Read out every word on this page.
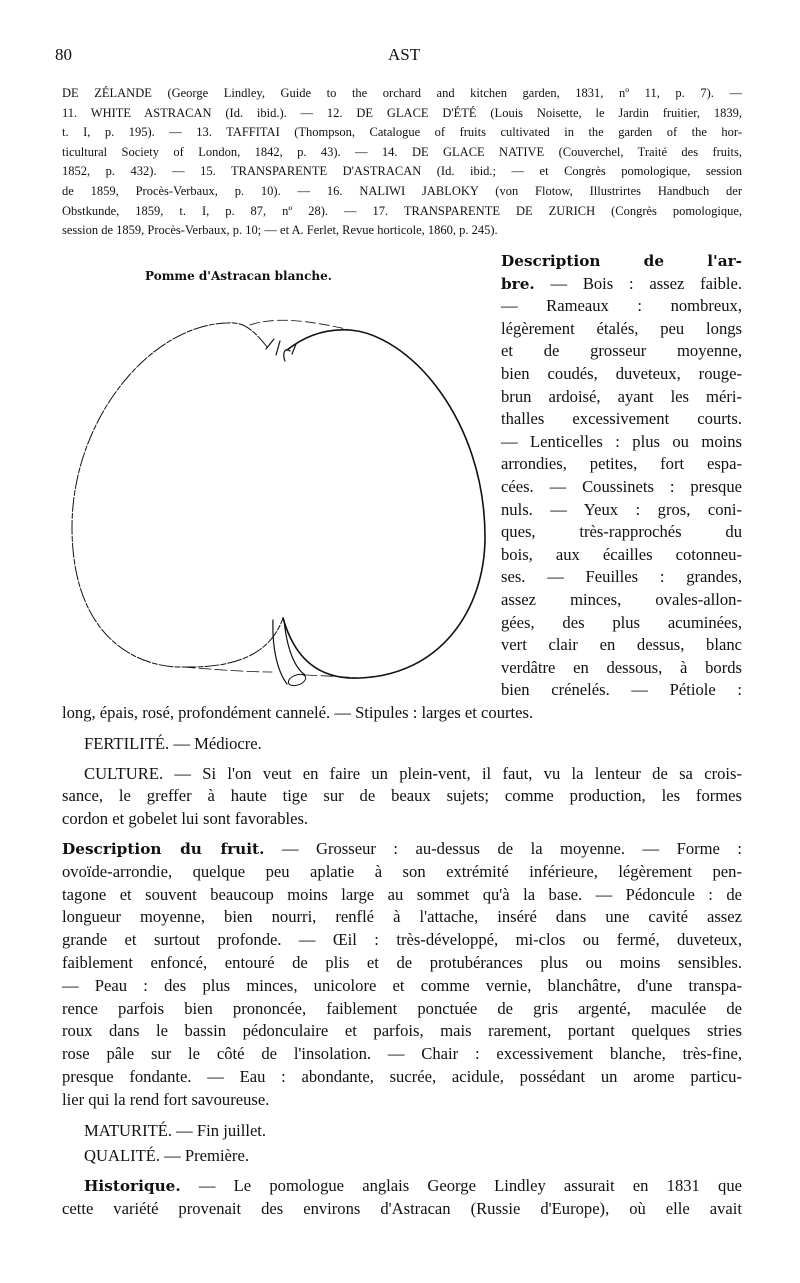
80	AST
DE ZÉLANDE (George Lindley, Guide to the orchard and kitchen garden, 1831, nº 11, p. 7). —
11. WHITE ASTRACAN (Id. ibid.). — 12. DE GLACE D'ÉTÉ (Louis Noisette, le Jardin fruitier, 1839,
t. I, p. 195). — 13. TAFFITAI (Thompson, Catalogue of fruits cultivated in the garden of the hor-
ticultural Society of London, 1842, p. 43). — 14. DE GLACE NATIVE (Couverchel, Traité des fruits,
1852, p. 432). — 15. TRANSPARENTE D'ASTRACAN (Id. ibid.; — et Congrès pomologique, session
de 1859, Procès-Verbaux, p. 10). — 16. NALIWI JABLOKY (von Flotow, Illustrirtes Handbuch der
Obstkunde, 1859, t. I, p. 87, nº 28). — 17. TRANSPARENTE DE ZURICH (Congrès pomologique,
session de 1859, Procès-Verbaux, p. 10; — et A. Ferlet, Revue horticole, 1860, p. 245).
Pomme d'Astracan blanche.
Description de l'ar-
bre. — Bois : assez faible.
— Rameaux : nombreux,
légèrement étalés, peu longs
et de grosseur moyenne,
bien coudés, duveteux, rouge-
brun ardoisé, ayant les méri-
thalles excessivement courts.
— Lenticelles : plus ou moins
arrondies, petites, fort espa-
cées. — Coussinets : presque
nuls. — Yeux : gros, coni-
ques, très-rapprochés du
bois, aux écailles cotonneu-
ses. — Feuilles : grandes,
assez minces, ovales-allon-
gées, des plus acuminées,
vert clair en dessus, blanc
verdâtre en dessous, à bords
bien crénelés. — Pétiole :
long, épais, rosé, profondément cannelé. — Stipules : larges et courtes.
FERTILITÉ. — Médiocre.
CULTURE. — Si l'on veut en faire un plein-vent, il faut, vu la lenteur de sa crois-
sance, le greffer à haute tige sur de beaux sujets; comme production, les formes
cordon et gobelet lui sont favorables.
Description du fruit. — Grosseur : au-dessus de la moyenne. — Forme :
ovoïde-arrondie, quelque peu aplatie à son extrémité inférieure, légèrement pen-
tagone et souvent beaucoup moins large au sommet qu'à la base. — Pédoncule : de
longueur moyenne, bien nourri, renflé à l'attache, inséré dans une cavité assez
grande et surtout profonde. — Œil : très-développé, mi-clos ou fermé, duveteux,
faiblement enfoncé, entouré de plis et de protubérances plus ou moins sensibles.
— Peau : des plus minces, unicolore et comme vernie, blanchâtre, d'une transpa-
rence parfois bien prononcée, faiblement ponctuée de gris argenté, maculée de
roux dans le bassin pédonculaire et parfois, mais rarement, portant quelques stries
rose pâle sur le côté de l'insolation. — Chair : excessivement blanche, très-fine,
presque fondante. — Eau : abondante, sucrée, acidule, possédant un arome particu-
lier qui la rend fort savoureuse.
MATURITÉ. — Fin juillet.
QUALITÉ. — Première.
Historique. — Le pomologue anglais George Lindley assurait en 1831 que
cette variété provenait des environs d'Astracan (Russie d'Europe), où elle avait
